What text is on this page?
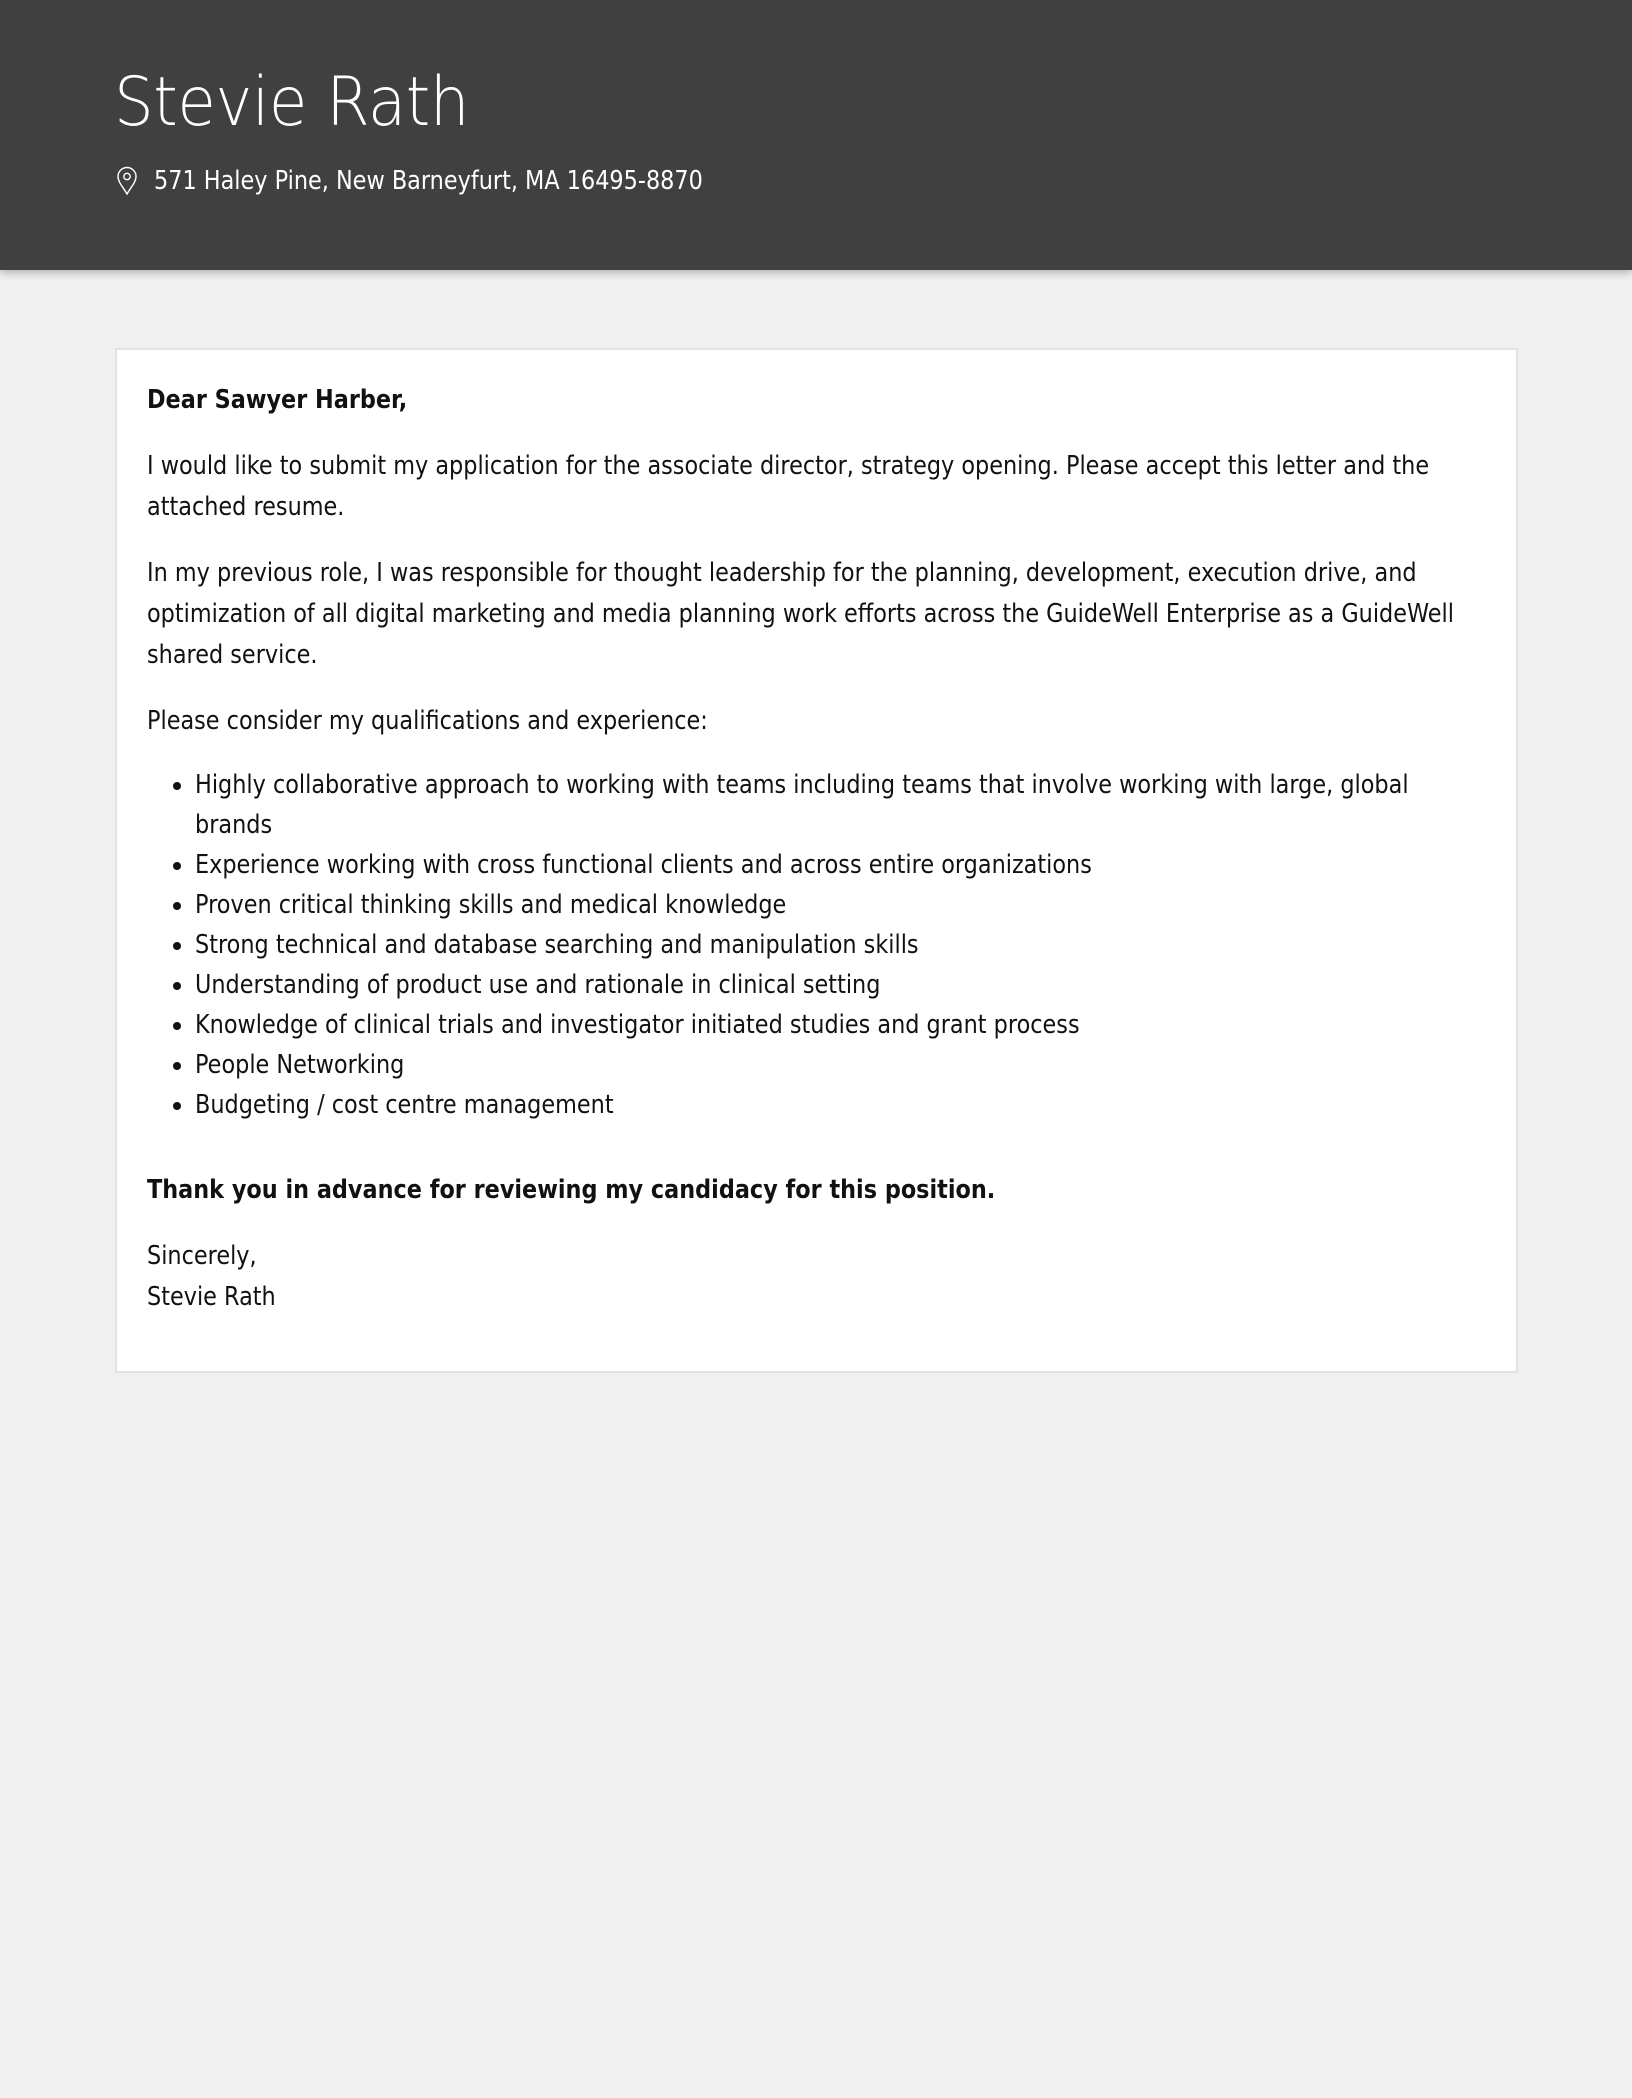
Stevie Rath
571 Haley Pine, New Barneyfurt, MA 16495-8870
Dear Sawyer Harber,
I would like to submit my application for the associate director, strategy opening. Please accept this letter and the
attached resume.
In my previous role, I was responsible for thought leadership for the planning, development, execution drive, and
optimization of all digital marketing and media planning work efforts across the GuideWell Enterprise as a GuideWell
shared service.
Please consider my qualifications and experience:
Highly collaborative approach to working with teams including teams that involve working with large, global
brands
Experience working with cross functional clients and across entire organizations
Proven critical thinking skills and medical knowledge
Strong technical and database searching and manipulation skills
Understanding of product use and rationale in clinical setting
Knowledge of clinical trials and investigator initiated studies and grant process
People Networking
Budgeting / cost centre management
Thank you in advance for reviewing my candidacy for this position.
Sincerely,
Stevie Rath
